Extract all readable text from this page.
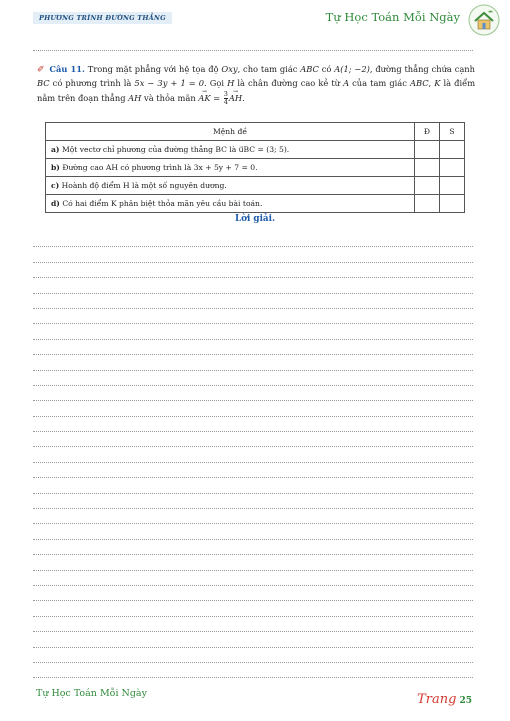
PHƯƠNG TRÌNH ĐƯỜNG THẲNG	Tự Học Toán Mỗi Ngày
✐ Câu 11. Trong mặt phẳng với hệ tọa độ Oxy, cho tam giác ABC có A(1; −2), đường thẳng chứa cạnh BC có phương trình là 5x − 3y + 1 = 0. Gọi H là chân đường cao kẻ từ A của tam giác ABC, K là điểm nằm trên đoạn thẳng AH và thỏa mãn → AK = $\frac{3}{4}$ → AH.
Mệnh đề	Đ	S
a) Một vectơ chỉ phương của đường thẳng BC là u⃗BC = (3; 5).		
b) Đường cao AH có phương trình là 3x + 5y + 7 = 0.		
c) Hoành độ điểm H là một số nguyên dương.		
d) Có hai điểm K phân biệt thỏa mãn yêu cầu bài toán.		
Lời giải.
Tự Học Toán Mỗi Ngày	Trang 25
